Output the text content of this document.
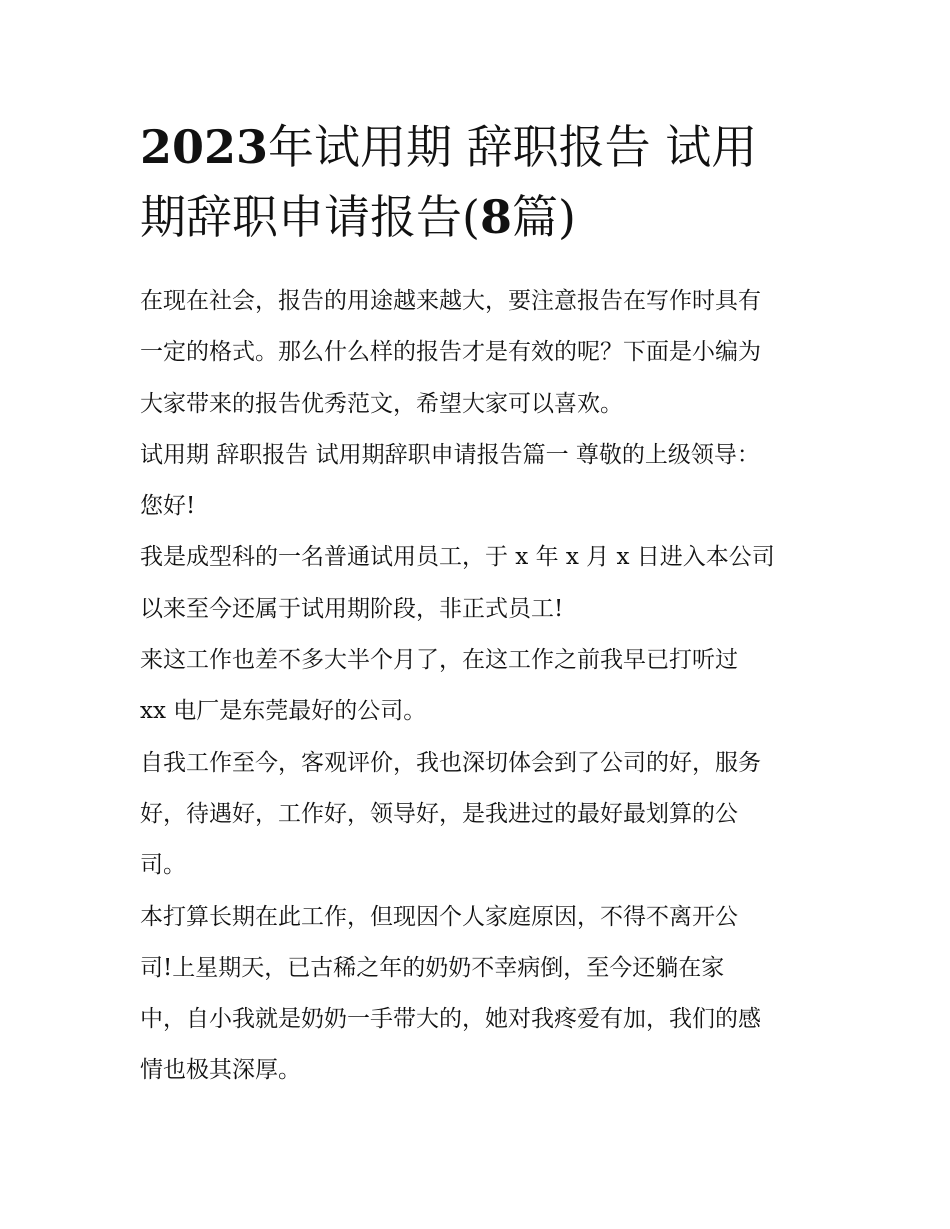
2023年试用期 辞职报告 试用
期辞职申请报告(8篇)
在现在社会，报告的用途越来越大，要注意报告在写作时具有
一定的格式。那么什么样的报告才是有效的呢？下面是小编为
大家带来的报告优秀范文，希望大家可以喜欢。
试用期 辞职报告 试用期辞职申请报告篇一 尊敬的上级领导：
您好!
我是成型科的一名普通试用员工，于 x 年 x 月 x 日进入本公司
以来至今还属于试用期阶段，非正式员工!
来这工作也差不多大半个月了，在这工作之前我早已打听过
xx 电厂是东莞最好的公司。
自我工作至今，客观评价，我也深切体会到了公司的好，服务
好，待遇好，工作好，领导好，是我进过的最好最划算的公
司。
本打算长期在此工作，但现因个人家庭原因，不得不离开公
司!上星期天，已古稀之年的奶奶不幸病倒，至今还躺在家
中，自小我就是奶奶一手带大的，她对我疼爱有加，我们的感
情也极其深厚。
